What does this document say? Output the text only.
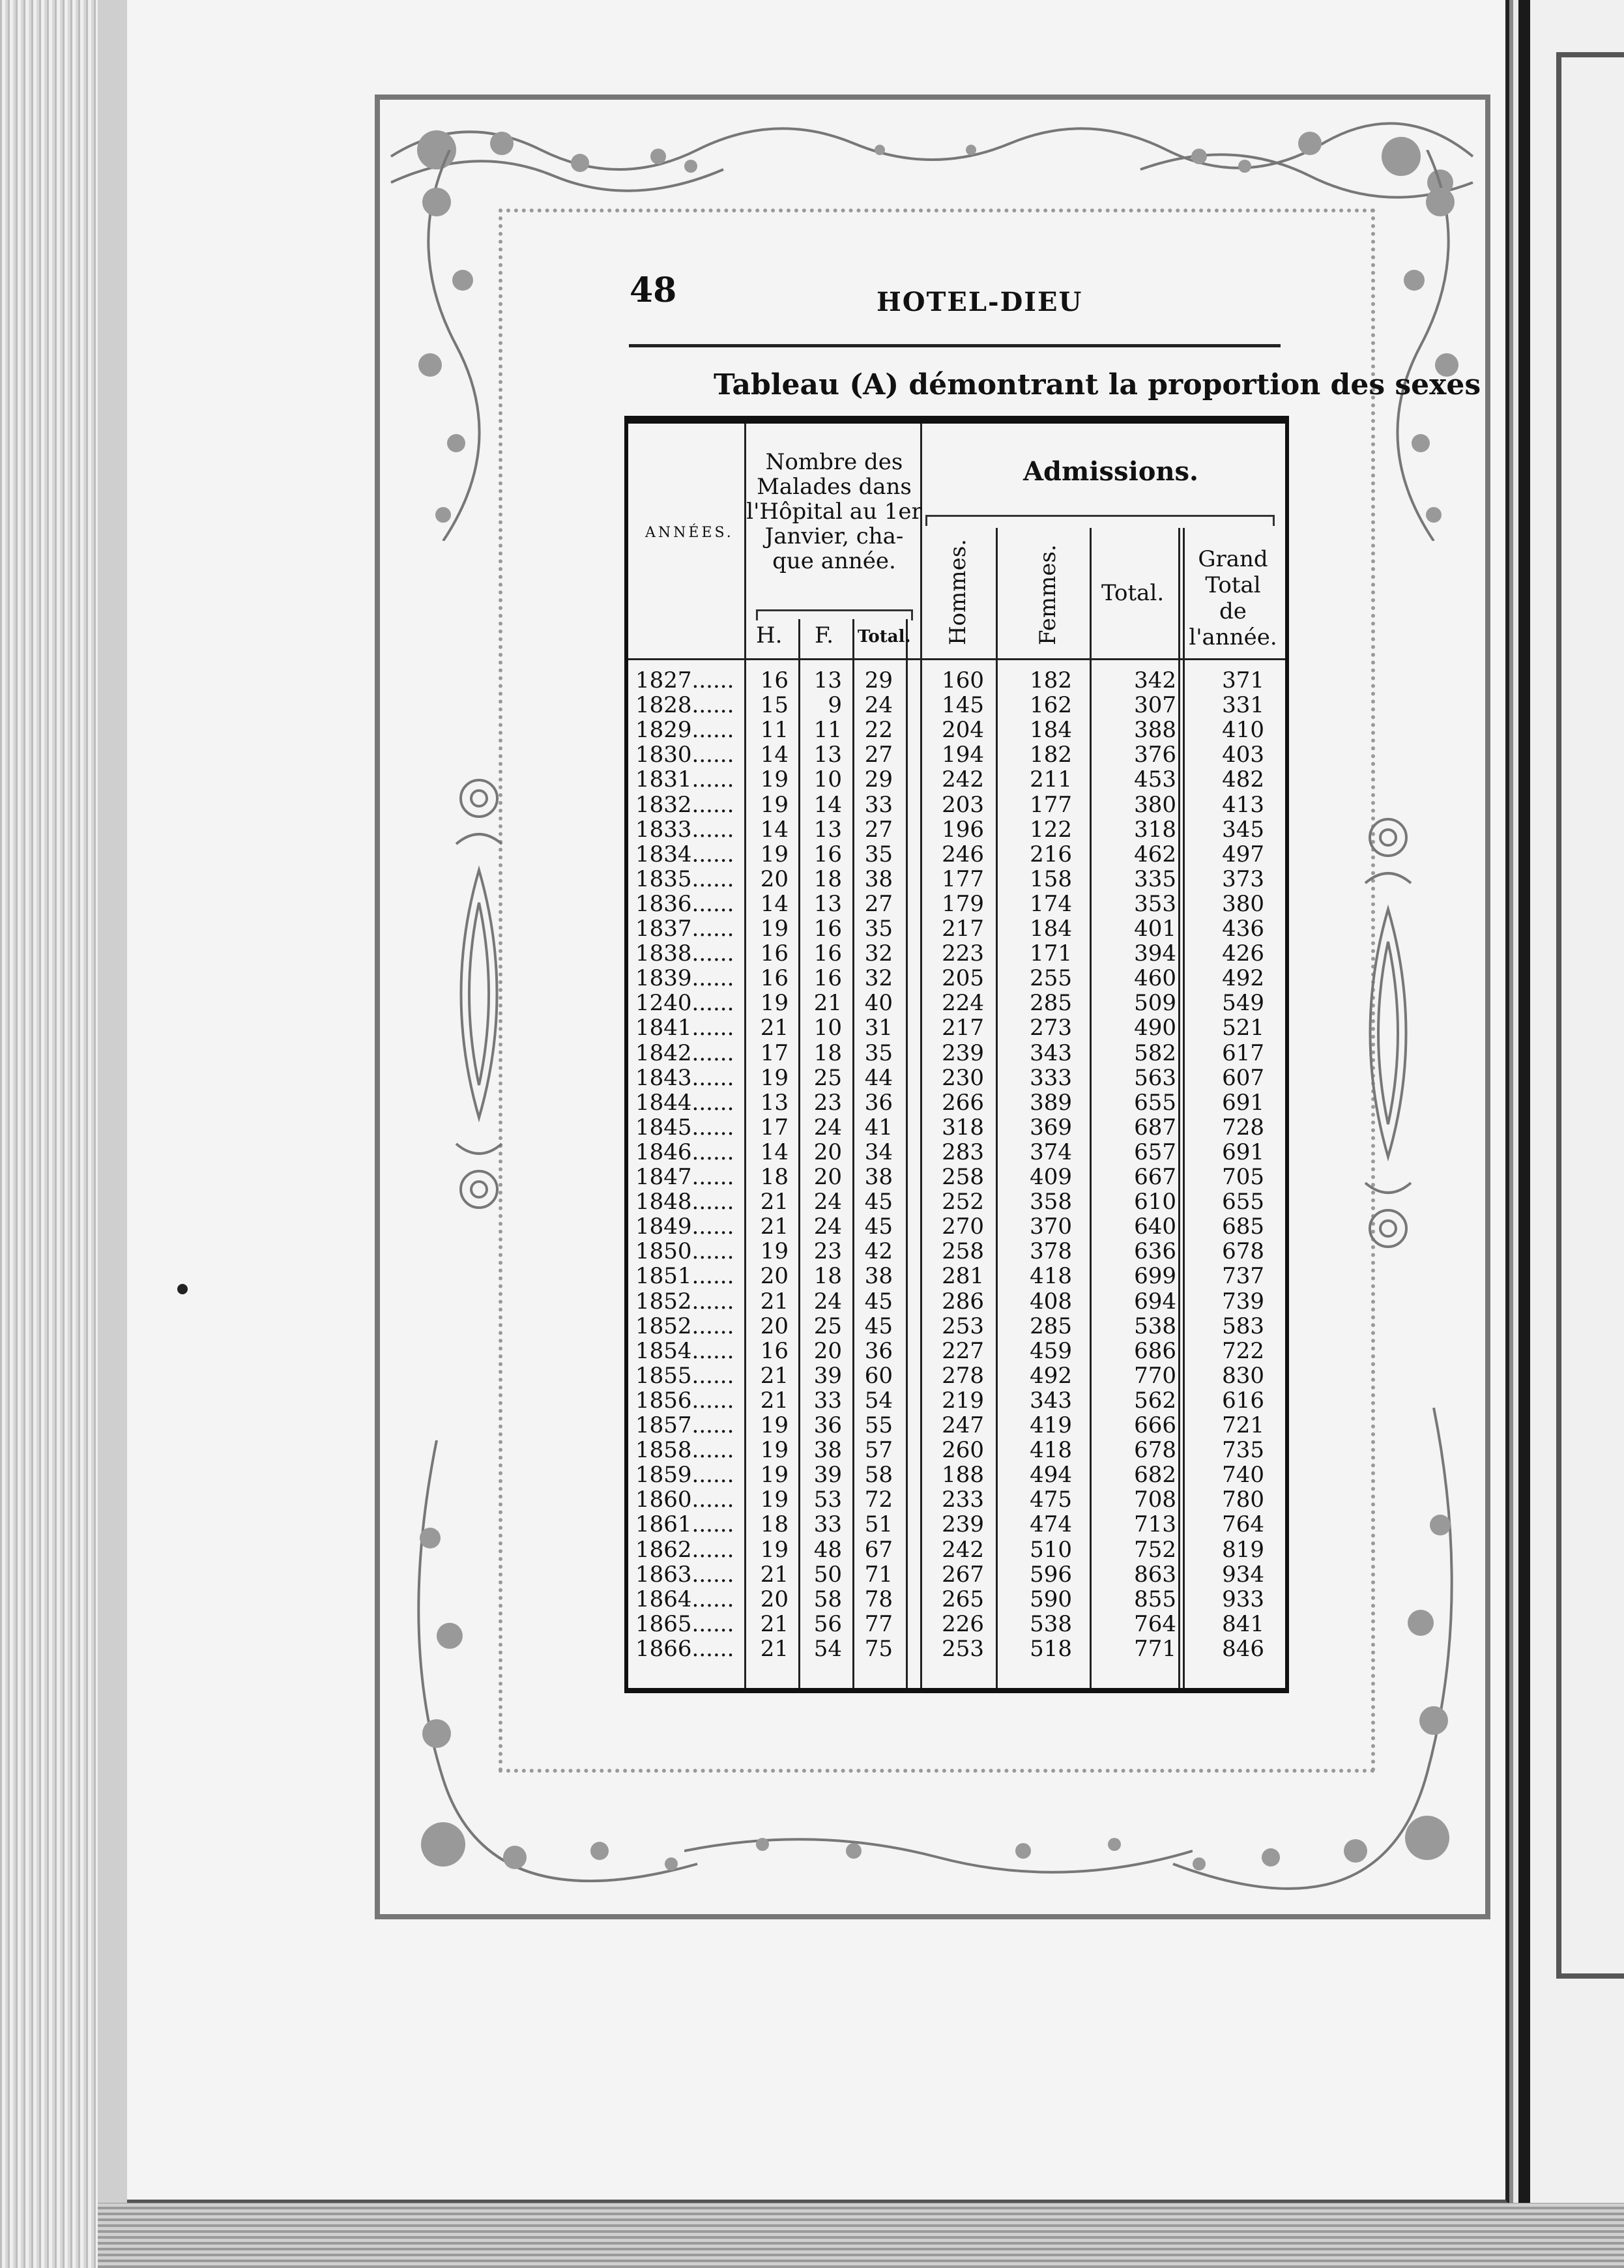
48	HOTEL-DIEU
Tableau (A) démontrant la proportion des sexes
ANNÉES.
Nombre des
Malades dans
l'Hôpital au 1er
Janvier, cha-
que année.
H. F. Total.
Admissions.
Hommes.	Femmes. Total.
Grand
Total
de
l'année.
1827......	16	13	29	160	182	342	371
1828......	15	9	24	145	162	307	331
1829......	11	11	22	204	184	388	410
1830......	14	13	27	194	182	376	403
1831......	19	10	29	242	211	453	482
1832......	19	14	33	203	177	380	413
1833......	14	13	27	196	122	318	345
1834......	19	16	35	246	216	462	497
1835......	20	18	38	177	158	335	373
1836......	14	13	27	179	174	353	380
1837......	19	16	35	217	184	401	436
1838......	16	16	32	223	171	394	426
1839......	16	16	32	205	255	460	492
1240......	19	21	40	224	285	509	549
1841......	21	10	31	217	273	490	521
1842......	17	18	35	239	343	582	617
1843......	19	25	44	230	333	563	607
1844......	13	23	36	266	389	655	691
1845......	17	24	41	318	369	687	728
1846......	14	20	34	283	374	657	691
1847......	18	20	38	258	409	667	705
1848......	21	24	45	252	358	610	655
1849......	21	24	45	270	370	640	685
1850......	19	23	42	258	378	636	678
1851......	20	18	38	281	418	699	737
1852......	21	24	45	286	408	694	739
1852......	20	25	45	253	285	538	583
1854......	16	20	36	227	459	686	722
1855......	21	39	60	278	492	770	830
1856......	21	33	54	219	343	562	616
1857......	19	36	55	247	419	666	721
1858......	19	38	57	260	418	678	735
1859......	19	39	58	188	494	682	740
1860......	19	53	72	233	475	708	780
1861......	18	33	51	239	474	713	764
1862......	19	48	67	242	510	752	819
1863......	21	50	71	267	596	863	934
1864......	20	58	78	265	590	855	933
1865......	21	56	77	226	538	764	841
1866......	21	54	75	253	518	771	846
